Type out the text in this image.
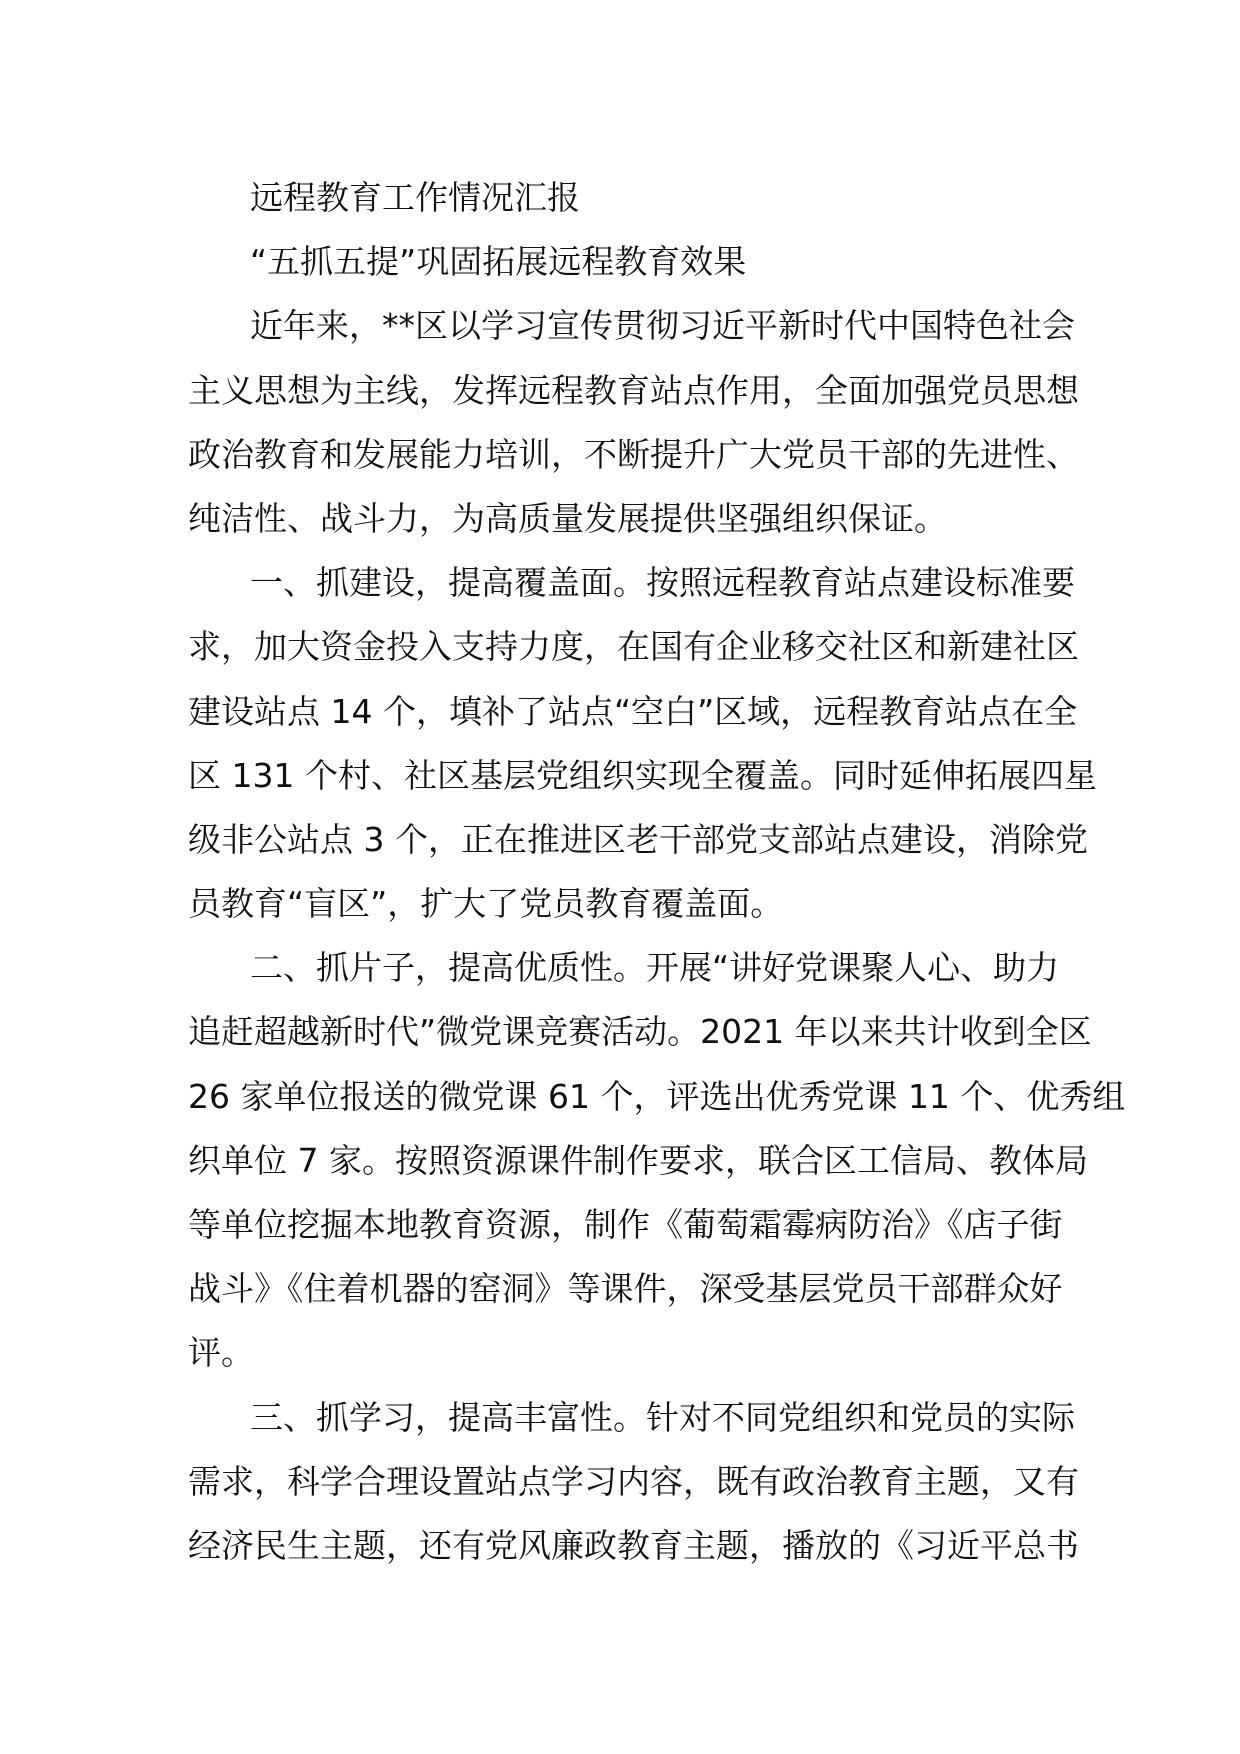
远程教育工作情况汇报
“五抓五提”巩固拓展远程教育效果
近年来，**区以学习宣传贯彻习近平新时代中国特色社会
主义思想为主线，发挥远程教育站点作用，全面加强党员思想
政治教育和发展能力培训，不断提升广大党员干部的先进性、
纯洁性、战斗力，为高质量发展提供坚强组织保证。
一、抓建设，提高覆盖面。按照远程教育站点建设标准要
求，加大资金投入支持力度，在国有企业移交社区和新建社区
建设站点 14 个，填补了站点“空白”区域，远程教育站点在全
区 131 个村、社区基层党组织实现全覆盖。同时延伸拓展四星
级非公站点 3 个，正在推进区老干部党支部站点建设，消除党
员教育“盲区”，扩大了党员教育覆盖面。
二、抓片子，提高优质性。开展“讲好党课聚人心、助力
追赶超越新时代”微党课竞赛活动。2021 年以来共计收到全区
26 家单位报送的微党课 61 个，评选出优秀党课 11 个、优秀组
织单位 7 家。按照资源课件制作要求，联合区工信局、教体局
等单位挖掘本地教育资源，制作《葡萄霜霉病防治》《店子街
战斗》《住着机器的窑洞》等课件，深受基层党员干部群众好
评。
三、抓学习，提高丰富性。针对不同党组织和党员的实际
需求，科学合理设置站点学习内容，既有政治教育主题，又有
经济民生主题，还有党风廉政教育主题，播放的《习近平总书
